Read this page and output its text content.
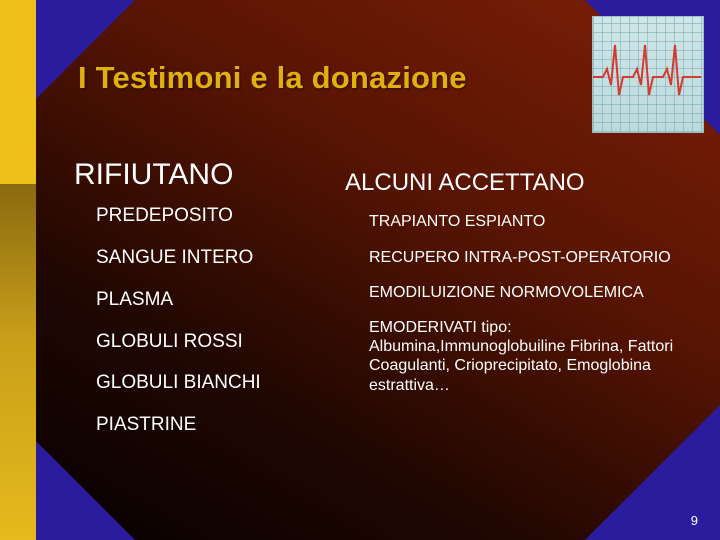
I Testimoni e la donazione
RIFIUTANO
PREDEPOSITO
SANGUE INTERO
PLASMA
GLOBULI ROSSI
GLOBULI BIANCHI
PIASTRINE
ALCUNI ACCETTANO
TRAPIANTO ESPIANTO
RECUPERO INTRA-POST-OPERATORIO
EMODILUIZIONE NORMOVOLEMICA
EMODERIVATI tipo: Albumina,Immunoglobuiline Fibrina, Fattori Coagulanti, Crioprecipitato, Emoglobina estrattiva…
9
